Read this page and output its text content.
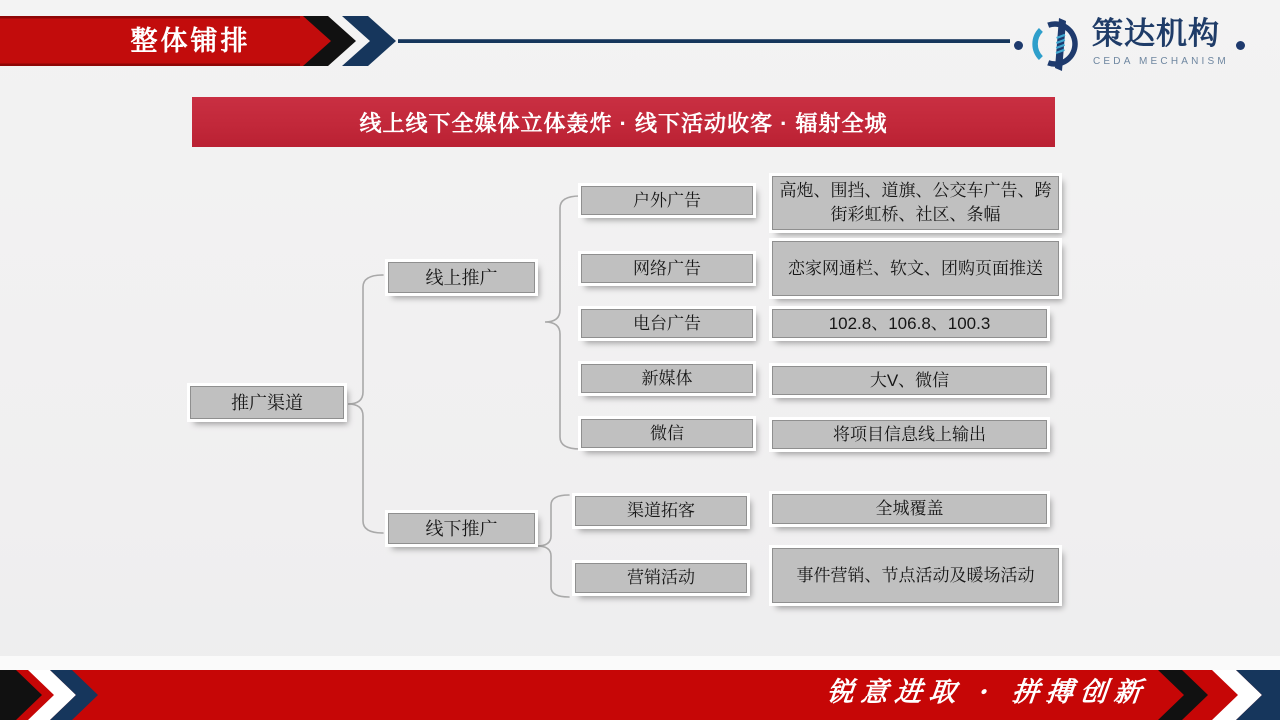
整体铺排	策达机构
CEDA MECHANISM
线上线下全媒体立体轰炸 · 线下活动收客 · 辐射全城
推广渠道
线上推广
线下推广
户外广告
网络广告
电台广告
新媒体
微信
高炮、围挡、道旗、公交车广告、跨街彩虹桥、社区、条幅
恋家网通栏、软文、团购页面推送
102.8、106.8、100.3
大V、微信
将项目信息线上输出
渠道拓客
营销活动
全城覆盖
事件营销、节点活动及暖场活动
锐意进取 · 拼搏创新
